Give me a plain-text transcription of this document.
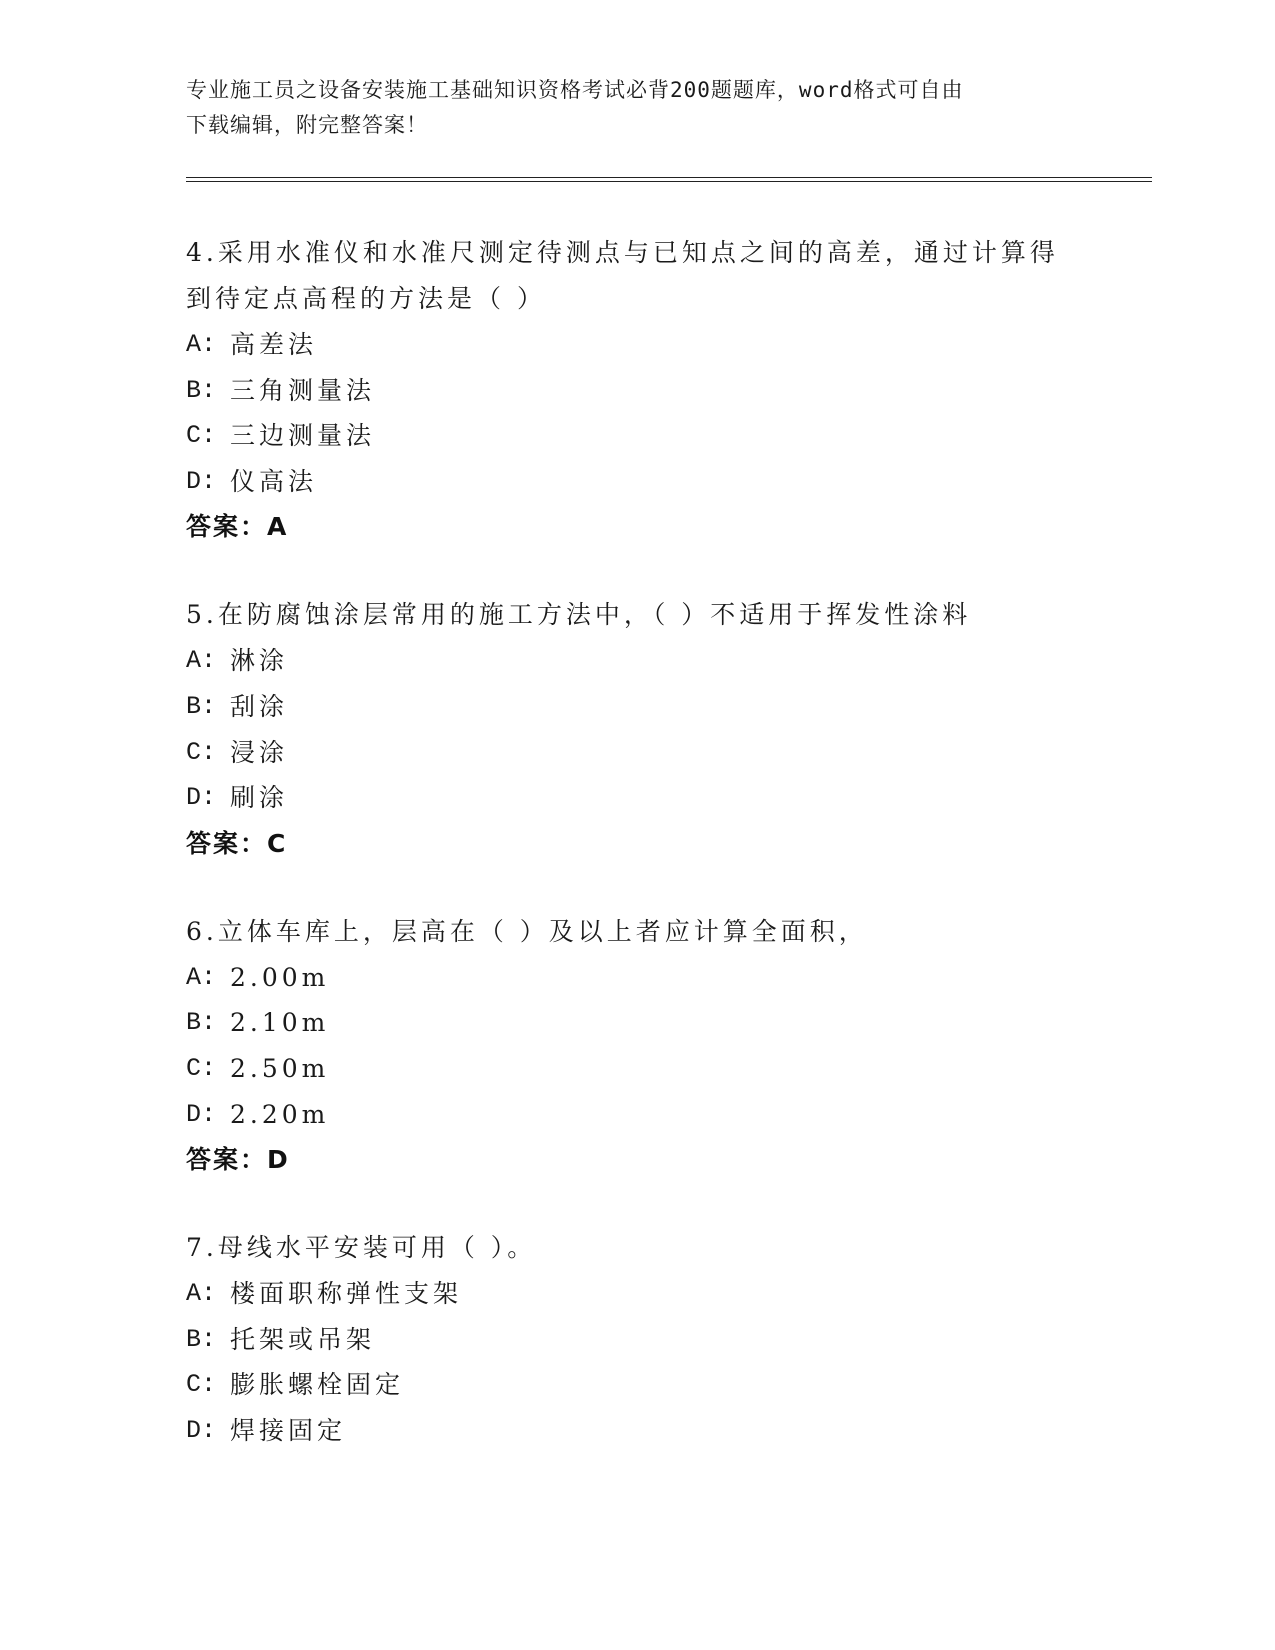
专业施工员之设备安装施工基础知识资格考试必背200题题库，word格式可自由
下载编辑，附完整答案！
4.采用水准仪和水准尺测定待测点与已知点之间的高差，通过计算得
到待定点高程的方法是（ ）
A: 高差法
B: 三角测量法
C: 三边测量法
D: 仪高法
答案：A
5.在防腐蚀涂层常用的施工方法中，（ ）不适用于挥发性涂料
A: 淋涂
B: 刮涂
C: 浸涂
D: 刷涂
答案：C
6.立体车库上，层高在（ ）及以上者应计算全面积，
A: 2.00m
B: 2.10m
C: 2.50m
D: 2.20m
答案：D
7.母线水平安装可用（ ）。
A: 楼面职称弹性支架
B: 托架或吊架
C: 膨胀螺栓固定
D: 焊接固定
